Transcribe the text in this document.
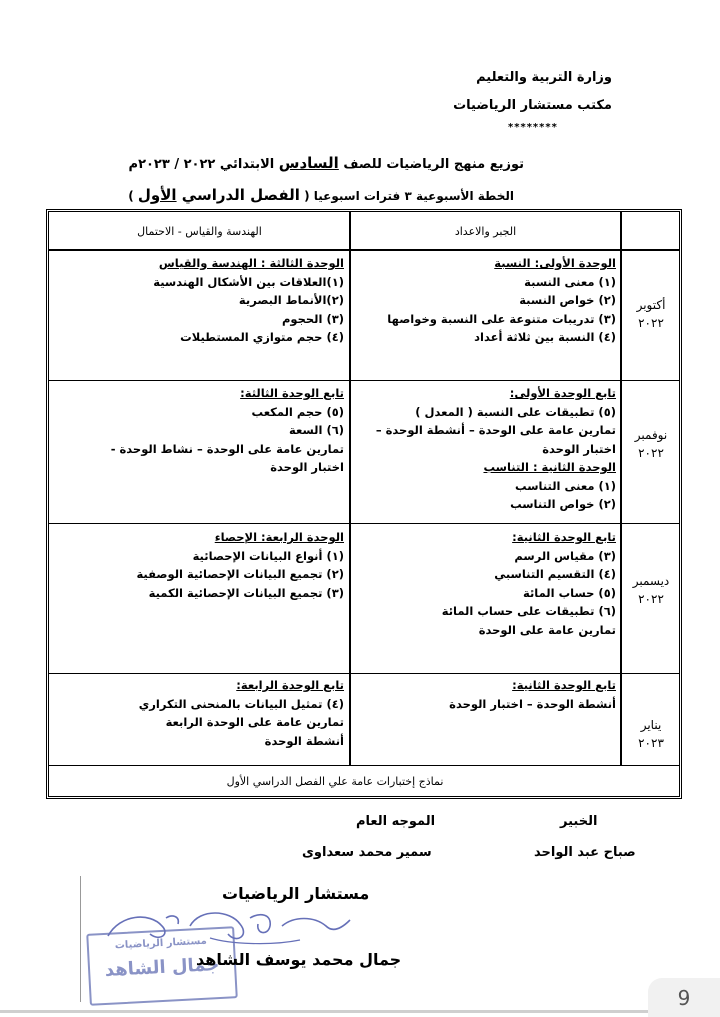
وزارة التربية والتعليم
مكتب مستشار الرياضيات
********
توزيع منهج الرياضيات للصف السادس الابتدائي ٢٠٢٢ / ٢٠٢٣م
الخطة الأسبوعية ٣ فترات اسبوعيا ( الفصل الدراسي الأول )
الجبر والاعداد
الهندسة والقياس - الاحتمال
أكتوبر
٢٠٢٢
الوحدة الأولى: النسبة
(١) معنى النسبة
(٢) خواص النسبة
(٣) تدريبات متنوعة على النسبة وخواصها
(٤) النسبة بين ثلاثة أعداد
الوحدة الثالثة : الهندسة والقياس
(١)العلاقات بين الأشكال الهندسية
(٢)الأنماط البصرية
(٣) الحجوم
(٤) حجم متوازي المستطيلات
نوفمبر
٢٠٢٢
تابع الوحدة الأولى:
(٥) تطبيقات على النسبة ( المعدل )
تمارين عامة على الوحدة – أنشطة الوحدة –
اختبار الوحدة
الوحدة الثانية : التناسب
(١) معنى التناسب
(٢) خواص التناسب
تابع الوحدة الثالثة:
(٥) حجم المكعب
(٦) السعة
تمارين عامة على الوحدة – نشاط الوحدة -
اختبار الوحدة
ديسمبر
٢٠٢٢
تابع الوحدة الثانية:
(٣) مقياس الرسم
(٤) التقسيم التناسبي
(٥) حساب المائة
(٦) تطبيقات على حساب المائة
تمارين عامة على الوحدة
الوحدة الرابعة: الإحصاء
(١) أنواع البيانات الإحصائية
(٢) تجميع البيانات الإحصائية الوصفية
(٣) تجميع البيانات الإحصائية الكمية
يناير
٢٠٢٣
تابع الوحدة الثانية:
أنشطة الوحدة – اختبار الوحدة
تابع الوحدة الرابعة:
(٤) تمثيل البيانات بالمنحنى التكراري
تمارين عامة على الوحدة الرابعة
أنشطة الوحدة
نماذج إختبارات عامة علي الفصل الدراسي الأول
الخبير
الموجه العام
صباح عبد الواحد
سمير محمد سعداوى
مستشار الرياضيات
مستشار الرياضيات
جمال الشاهد
جمال محمد يوسف الشاهد
9
